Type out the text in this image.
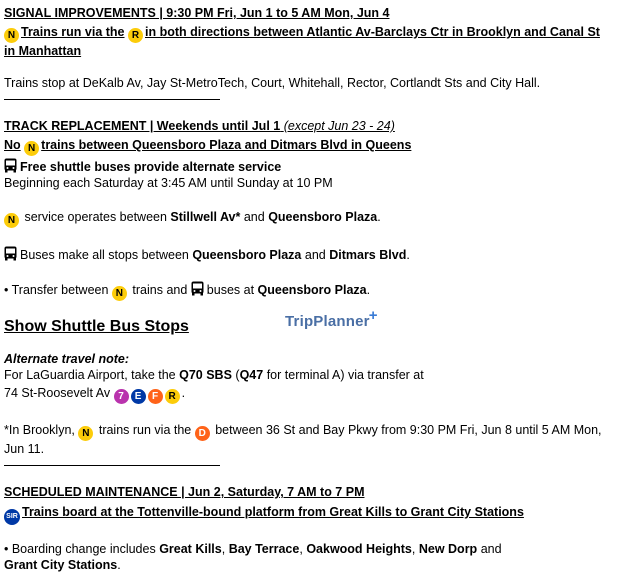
SIGNAL IMPROVEMENTS | 9:30 PM Fri, Jun 1 to 5 AM Mon, Jun 4
N Trains run via the R in both directions between Atlantic Av-Barclays Ctr in Brooklyn and Canal St
in Manhattan

Trains stop at DeKalb Av, Jay St-MetroTech, Court, Whitehall, Rector, Cortlandt Sts and City Hall.

TRACK REPLACEMENT | Weekends until Jul 1 (except Jun 23 - 24)
No N trains between Queensboro Plaza and Ditmars Blvd in Queens
Free shuttle buses provide alternate service

Beginning each Saturday at 3:45 AM until Sunday at 10 PM

N service operates between Stillwell Av* and Queensboro Plaza.

Buses make all stops between Queensboro Plaza and Ditmars Blvd.

• Transfer between N trains and buses at Queensboro Plaza.

Show Shuttle Bus Stops

Alternate travel note:

For LaGuardia Airport, take the Q70 SBS (Q47 for terminal A) via transfer at

74 St-Roosevelt Av 7 E F R .

*In Brooklyn, N trains run via the D between 36 St and Bay Pkwy from 9:30 PM Fri, Jun 8 until 5 AM Mon,
Jun 11.

SCHEDULED MAINTENANCE | Jun 2, Saturday, 7 AM to 7 PM
SIR Trains board at the Tottenville-bound platform from Great Kills to Grant City Stations

• Boarding change includes Great Kills, Bay Terrace, Oakwood Heights, New Dorp and
Grant City Stations.

TripPlanner+
